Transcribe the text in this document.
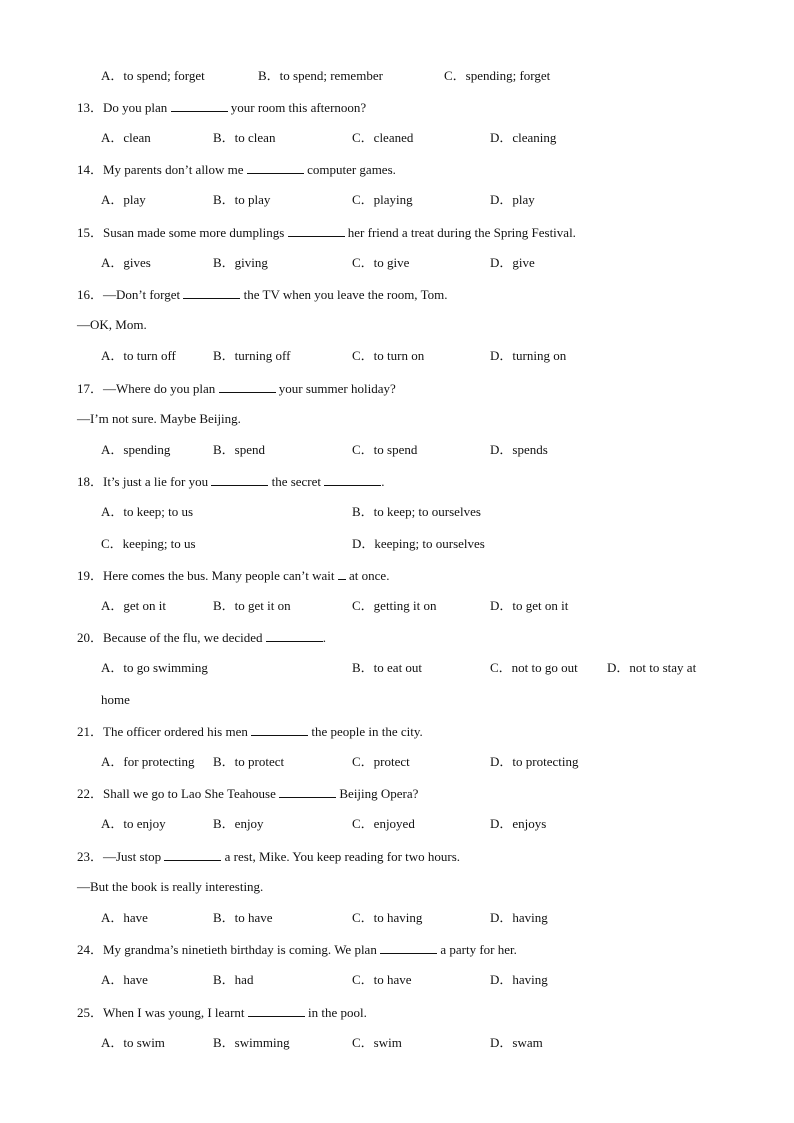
A．to spend; forget	B．to spend; remember	C．spending; forget
13．Do you plan	your room this afternoon?
A．clean	B．to clean	C．cleaned	D．cleaning
14．My parents don’t allow me	computer games.
A．play	B．to play	C．playing	D．play
15．Susan made some more dumplings	her friend a treat during the Spring Festival.
A．gives	B．giving	C．to give	D．give
16．—Don’t forget	the TV when you leave the room, Tom.
—OK, Mom.
A．to turn off	B．turning off	C．to turn on	D．turning on
17．—Where do you plan	your summer holiday?
—I’m not sure. Maybe Beijing.
A．spending	B．spend	C．to spend	D．spends
18．It’s just a lie for you	the secret	.
A．to keep; to us	B．to keep; to ourselves
C．keeping; to us	D．keeping; to ourselves
19．Here comes the bus. Many people can’t wait  at once.
A．get on it	B．to get it on	C．getting it on	D．to get on it
20．Because of the flu, we decided	.
A．to go swimming	B．to eat out	C．not to go out D．not to stay at
home
21．The officer ordered his men	the people in the city.
A．for protecting B．to protect	C．protect	D．to protecting
22．Shall we go to Lao She Teahouse	Beijing Opera?
A．to enjoy	B．enjoy	C．enjoyed	D．enjoys
23．—Just stop	a rest, Mike. You keep reading for two hours.
—But the book is really interesting.
A．have	B．to have	C．to having	D．having
24．My grandma’s ninetieth birthday is coming. We plan	a party for her.
A．have	B．had	C．to have	D．having
25．When I was young, I learnt	in the pool.
A．to swim	B．swimming	C．swim	D．swam
